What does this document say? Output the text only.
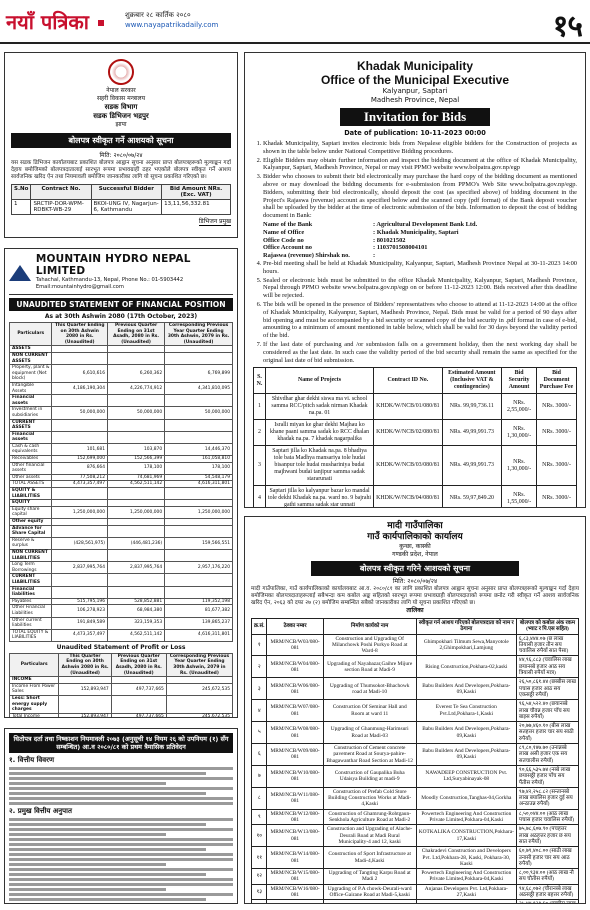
नयाँ पत्रिका	शुक्रबार २८ कार्तिक २०८०
www.nayapatrikadaily.com	१५
नेपाल सरकार
सहरी विकास मन्त्रालय
सडक विभाग
सडक डिभिजन भद्रपुर
झापा
बोलपत्र स्वीकृत गर्ने आशयको सूचना
मिति: २०८०/०७/२४
यस सडक डिभिजन कार्यालयबाट प्रकाशित बोलपत्र आह्वान सूचना अनुसार प्राप्त बोलपत्रहरूको मूल्याङ्कन गर्दा देहाय बमोजिमको बोलपत्रदातालाई सारभूत रूपमा प्रभावग्राही ठहर भएकोले बोलपत्र स्वीकृत गर्ने आशय सार्वजनिक खरिद ऐन तथा नियमावली बमोजिम जानकारीका लागि यो सूचना प्रकाशित गरिएको छ।
S.No	Contract No.	Successful Bidder	Bid Amount NRs. (Exc. VAT)
1	SRCTIP-DOR-WPM-RDBKT-WB-29	BKOI-UNG IV, Nagarjun-6, Kathmandu	13,11,56,332.81
डिभिजन प्रमुख
MOUNTAIN HYDRO NEPAL LIMITED
Tahachal, Kathmandu-13, Nepal, Phone No.: 01-5903442
Email:mountainhydro@gmail.com
UNAUDITED STATEMENT OF FINANCIAL POSITION
As at 30th Ashwin 2080 (17th October, 2023)
Particulars	This Quarter Ending on 30th Ashwin 2080 in Rs. (Unaudited)	Previous Quarter Ending on 31st Asadh, 2080 in Rs. (Unaudited)	Corresponding Previous Year Quarter Ending 30th Ashwin, 2079 in Rs. (Unaudited)
ASSETS			
NON CURRENT ASSETS			
Property, plant & equipment (Net block)	6,610,616	6,260,362	6,769,899
Intangible Assets	4,186,190,304	4,226,774,912	4,341,810,095
Financial assets			
Investment in subsidiaries	50,000,000	50,000,000	50,000,000
CURRENT ASSETS			
Financial assets			
Cash & cash equivalents	101,681	103,870	14,446,370
Receivables	152,699,000	152,566,399	161,058,810
Other financial assets	876,664	178,100	178,100
Other assets	77,508,212	74,681,969	54,548,179
TOTAL ASSETS	4,473,357,497	4,562,511,142	4,616,311,801
EQUITY & LIABILITIES			
EQUITY			
Equity share capital	1,250,000,000	1,250,000,000	1,250,000,000
Other equity			
Advance for Share Capital			
Reserve & surplus	(428,561,975)	(446,481,236)	159,566,551
NON CURRENT LIABILITIES			
Long Term Borrowings	2,837,995,764	2,837,995,764	2,957,176,220
CURRENT LIABILITIES			
Financial liabilities			
Payables	515,795,196	528,852,881	119,352,198
Other Financial Liabilities	106,278,923	68,984,380	81,677,382
Other current liabilities	191,849,589	323,159,353	139,865,237
TOTAL EQUITY & LIABILITIES	4,473,357,497	4,562,511,142	4,616,311,801
Unaudited Statement of Profit or Loss
Particulars	This Quarter Ending on 30th Ashwin 2080 in Rs. (Unaudited)	Previous Quarter Ending on 31st Asadh, 2080 in Rs. (Unaudited)	Corresponding Previous Year Quarter Ending 30th Ashwin, 2079 in Rs. (Unaudited)
INCOME			
Income From Power Sales	152,893,947	497,737,665	245,672,535
Less: Short energy supply charges			
Total Income	152,893,947	497,737,665	245,672,535

धितोपत्र दर्ता तथा निष्काशन नियमावली २०७३ (अनुसूची १४ नियम २६ को उपनियम (१) सँग सम्बन्धित) आ.व २०८०/८१ को प्रथम त्रैमासिक प्रतिवेदन
१. वित्तीय विवरण
२. प्रमुख वित्तीय अनुपात
Khadak Municipality
Office of the Municipal Executive
Kalyanpur, Saptari
Madhesh Province, Nepal
Invitation for Bids
Date of publication: 10-11-2023 00:00
1. Khadak Municipality, Saptari invites electronic bids from Nepalese eligible bidders for the Construction of projects as shown in the table below under National Competitive Bidding procedures.
2. Eligible Bidders may obtain further information and inspect the bidding document at the office of Khadak Municipality, Kalyanpur, Saptari, Madhesh Province, Nepal or may visit PPMO website www.bolpatra.gov.np/egp
3. Bidder who chooses to submit their bid electronically may purchase the hard copy of the bidding document as mentioned above or may download the bidding documents for e-submission from PPMO's Web Site www.bolpatra.gov.np/egp. Bidders, submitting their bid electronically, should deposit the cost (as specified above) of bidding document in the Project's Rajaswa (revenue) account as specified below and the scanned copy (pdf format) of the Bank deposit voucher shall be uploaded by the bidder at the time of electronic submission of the bids. Information to deposit the cost of bidding document in Bank:
Name of the Bank	: Agricultural Development Bank Ltd.
Name of Office	: Khadak Municipality, Saptari
Office Code no	: 801021502
Office Account no	: 1103701508004101
Rajaswa (revenue) Shirshak no.	:
4. Pre-bid meeting shall be held at Khadak Municipality, Kalyanpur, Saptari, Madhesh Province Nepal at 30-11-2023 14:00 hours.
5. Sealed or electronic bids must be submitted to the office Khadak Municipality, Kalyanpur, Saptari, Madhesh Province, Nepal through PPMO website www.bolpatra.gov.np/egp on or before 11-12-2023 12:00. Bids received after this deadline will be rejected.
6. The bids will be opened in the presence of Bidders' representatives who choose to attend at 11-12-2023 14:00 at the office of Khadak Municipality, Kalyanpur, Saptari, Madhesh Province, Nepal. Bids must be valid for a period of 90 days after bid opening and must be accompanied by a bid security or scanned copy of the bid security in .pdf format in case of e-bid, amounting to a minimum of amount mentioned in table below, which shall be valid for 30 days beyond the validity period of the bid.
7. If the last date of purchasing and /or submission falls on a government holiday, then the next working day shall be considered as the last date. In such case the validity period of the bid security shall remain the same as specified for the original last date of bid submission.
S. N.	Name of Projects	Contract ID No.	Estimated Amount (Inclusive VAT & contingencies)	Bid Security Amount	Bid Document Purchase Fee
1	Shivdhar ghar dekhi siswa ma vi. school samma RCC/pitch sadak nirman Khadak na.pa. 01	KHDK/W/NCB/01/080/81	NRs. 99,99,736.11	NRs. 2,55,000/-	NRs. 3000/-
2	Isralli miyan ke ghar dekhi Majhau ko khane paani samma sadak ko RCC dhalan khadak na.pa. 7 khadak nagarpalika	KHDK/W/NCB/02/080/81	NRs. 49,99,991.73	NRs. 1,30,000/-	NRs. 3000/-
3	Saptari jilla ko Khadak na.pa. 8 bhadiya tole bata Madhya mansariya tole hudai bisanpur tole hudai mushariniya budai majhwani budai tanjipur samma sadak stararunati	KHDK/W/NCB/03/080/81	NRs. 49,99,991.73	NRs. 1,30,000/-	NRs. 3000/-
4	Saptari jilla ko kalyanpur bazar ko mandal tole dekhi Khadak na.pa. ward no. 9 bajrahi gathi samma sadak star unnati	KHDK/W/NCB/04/080/81	NRs. 59,97,849.20	NRs. 1,55,000/-	NRs. 3000/-
मादी गाउँपालिका
गाउँ कार्यपालिकाको कार्यालय
कुन्छा, कास्की
गण्डकी प्रदेश, नेपाल
बोलपत्र स्वीकृत गरिने आशयको सूचना
मिति: २०८०/०७/२४
मादी गाउँपालिका, गाउँ कार्यपालिकाको कार्यालयबाट आ.व. २०८०/८१ का लागि प्रकाशित बोलपत्र आह्वान सूचना अनुसार प्राप्त बोलपत्रहरूको मूल्याङ्कन गर्दा देहाय बमोजिमका बोलपत्रदाताहरूलाई सबैभन्दा कम कबोल अङ्क सहितको सारभूत रूपमा प्रभावग्राही बोलपत्रदाताको रूपमा छनोट गरी स्वीकृत गर्ने आशय सार्वजनिक खरिद ऐन, २०६३ को दफा २७ (२) बमोजिम सम्बन्धित सबैको जानकारीका लागि यो सूचना प्रकाशित गरिएको छ।
तालिका
क्र.सं.	ठेक्का नम्बर	निर्माण कार्यको नाम	स्वीकृत गर्न आशय गरिएको बोलपत्रदाता को नाम र ठेगाना	बोलपत्र को कबोल अंक रकम (भ्याट र पि.एस सहित)
१	MRM/NCB/W03/080-081	Construction and Upgrading Of Milanchowk Poshi Purkyo Road at Ward-8	Ghimpokhari Tilmum Sewa,Manyotole 2,Ghimpokhari,Lamjung	६,८३,४४४.०७ (छ लाख तियासी हजार तीन सय चवालिस रुपैयाँ सात पैसा)
२	MRM/NCB/W04/080-081	Upgrading of Nayabazar,Gaihre Mijure section Road at Madi-9	Rising Construction,Pokhara-02,kaski	४४,९६,८८३ (चवालिस लाख छयानब्बे हजार आठ सय त्रियासी रुपैयाँ मात्र)
३	MRM/NCB/W06/080-081	Upgrading of Thumsokot-Bhachowk road at Madi-10	Babu Builders And Developers,Pokhara-09,Kaski	२६,५०,८६१.४४ (छब्बीस लाख पचास हजार आठ सय एकसठ्ठी रुपैयाँ)
४	MRM/NCB/W07/080-081	Construction Of Seminar Hall and Room at ward 11	Everest Te Sea Construction Pvt.Ltd,Pokhara-1,Kaski	९६,५४,५२२.४० (छयानब्बे लाख चौवन्न हजार पाँच सय बाइस रुपैयाँ)
५	MRM/NCB/W08/080-081	Upgrading of Ghanmung-Harimsuri Road at Madi-03	Babu Builders And Developers,Pokhara-09,Kaski	२०,७७,४६०.१० (बीस लाख सतहत्तर हजार चार सय साठी रुपैयाँ)
६	MRM/NCB/W09/080-081	Construction of Cement concrete pavement Road at Sourya-pahire- Bhagawanthar Road Section at Madi-12	Babu Builders And Developers,Pokhara-09,Kaski	८९,८०,१४७.७० (उनान्नब्बे लाख असी हजार एक सय सतचालीस रुपैयाँ)
७	MRM/NCB/W10/080-081	Construction of Gaupalika Buha Udaisya Building at madi-9	NAWADEEP CONSTRUCTION Pvt. Ltd,Suryabinayak-08	९०,६६,५३५.७४ (नब्बे लाख छयासठ्ठी हजार पाँच सय पैंतीस रुपैयाँ)
८	MRM/NCB/W11/080-081	Construction of Prefab Cold Store Building Construction Works at Madi-4,Kaski	Moodly Construction,Tanghas-04,Gorkha	९७,४२,२५८.८२ (सन्तानब्बे लाख बयालिस हजार दुई सय अन्ठाउन्न रुपैयाँ)
९	MRM/NCB/W12/080-081	Construction of Ghamrung-Rohtgaun-Senkhola Agriculture Road at Madi-2	Powertech Engineering And Construction Private Limited,Pokhara-04,Kaski	८,५०,०४४.०० (आठ लाख पचास हजार चवालिस रुपैयाँ)
१०	MRM/NCB/W13/080-081	Construction and Upgrading of Alache-Deurali Road at Madi Rural Municipality-4 and 12, kaski	KOTKALIKA CONSTRUCTION,Pokhara-17,Kaski	७५,७८,६०७.९० (पचहत्तर लाख अठहत्तर हजार छ सय सात रुपैयाँ)
११	MRM/NCB/W14/080-081	Construction of Sport Infrastructure at Madi-4,Kaski	Chakradevi Construction and Developers Pvt. Ltd,Pokhara-28, Kaski, Pokhara-30, Kaski	६०,७९,४०८.०० (साठी लाख उनासी हजार चार सय आठ रुपैयाँ)
१२	MRM/NCB/W15/080-081	Upgrading of Tangting Karpu Road at Madi 2	Powertech Engineering And Construction Private Limited,Pokhara-04,Kaski	८,००,९३४.०० (आठ लाख नौ सय चौतीस रुपैयाँ)
१३	MRM/NCB/W16/080-081	Upgrading of P.A chowk-Deurali-ward Office-Gairane Road at Madi-5,kaski	Anjanas Developers Pvt. Ltd,Pokhara-27,Kaski	९४,६८,०७२ (चौरानब्बे लाख अठसठ्ठी हजार बहत्तर रुपैयाँ)
